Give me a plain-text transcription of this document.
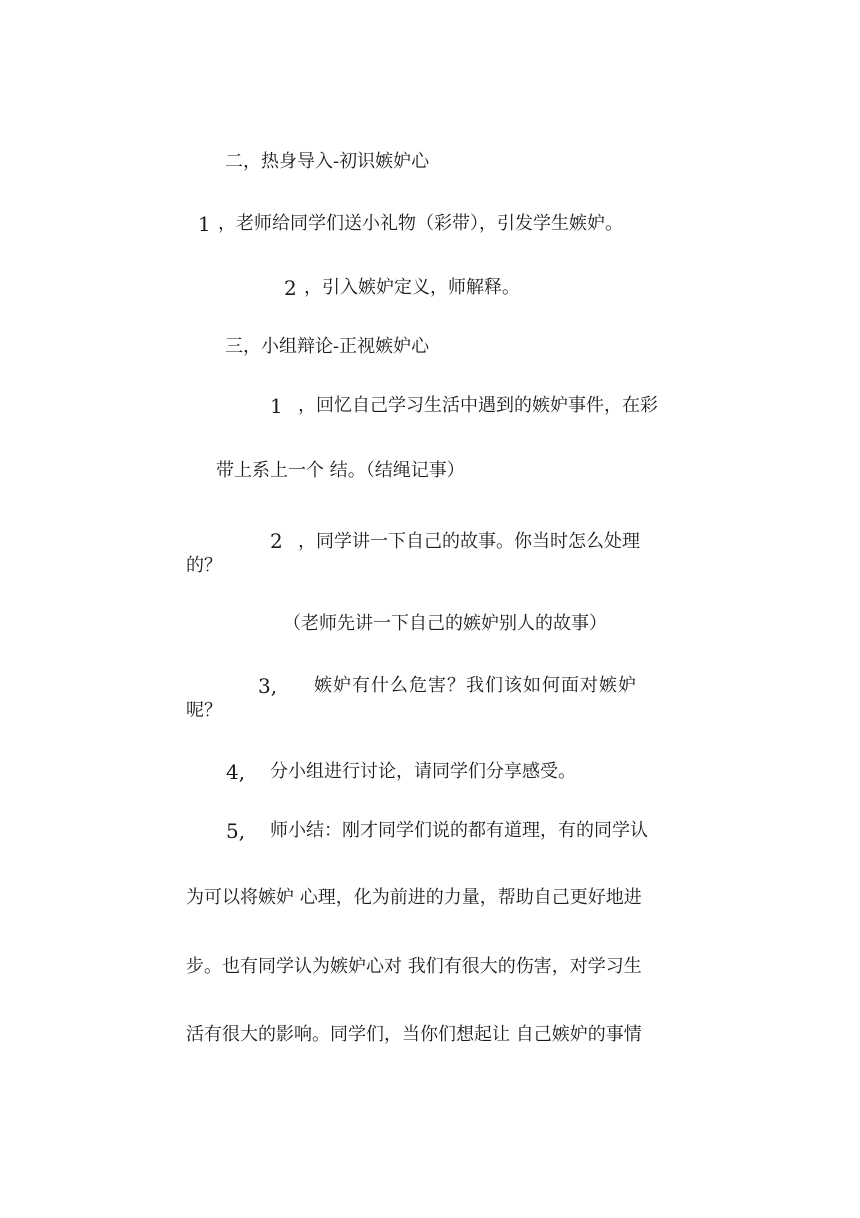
二，热身导入-初识嫉妒心
1 ，老师给同学们送小礼物（彩带），引发学生嫉妒。
2 ，引入嫉妒定义，师解释。
三，小组辩论-正视嫉妒心
1 ，回忆自己学习生活中遇到的嫉妒事件，在彩
带上系上一个 结。（结绳记事）
2 ，同学讲一下自己的故事。你当时怎么处理
的？
（老师先讲一下自己的嫉妒别人的故事）
3, 嫉妒有什么危害？我们该如何面对嫉妒
呢？
4, 分小组进行讨论，请同学们分享感受。
5, 师小结：刚才同学们说的都有道理，有的同学认
为可以将嫉妒 心理，化为前进的力量，帮助自己更好地进
步。也有同学认为嫉妒心对 我们有很大的伤害，对学习生
活有很大的影响。同学们，当你们想起让 自己嫉妒的事情
